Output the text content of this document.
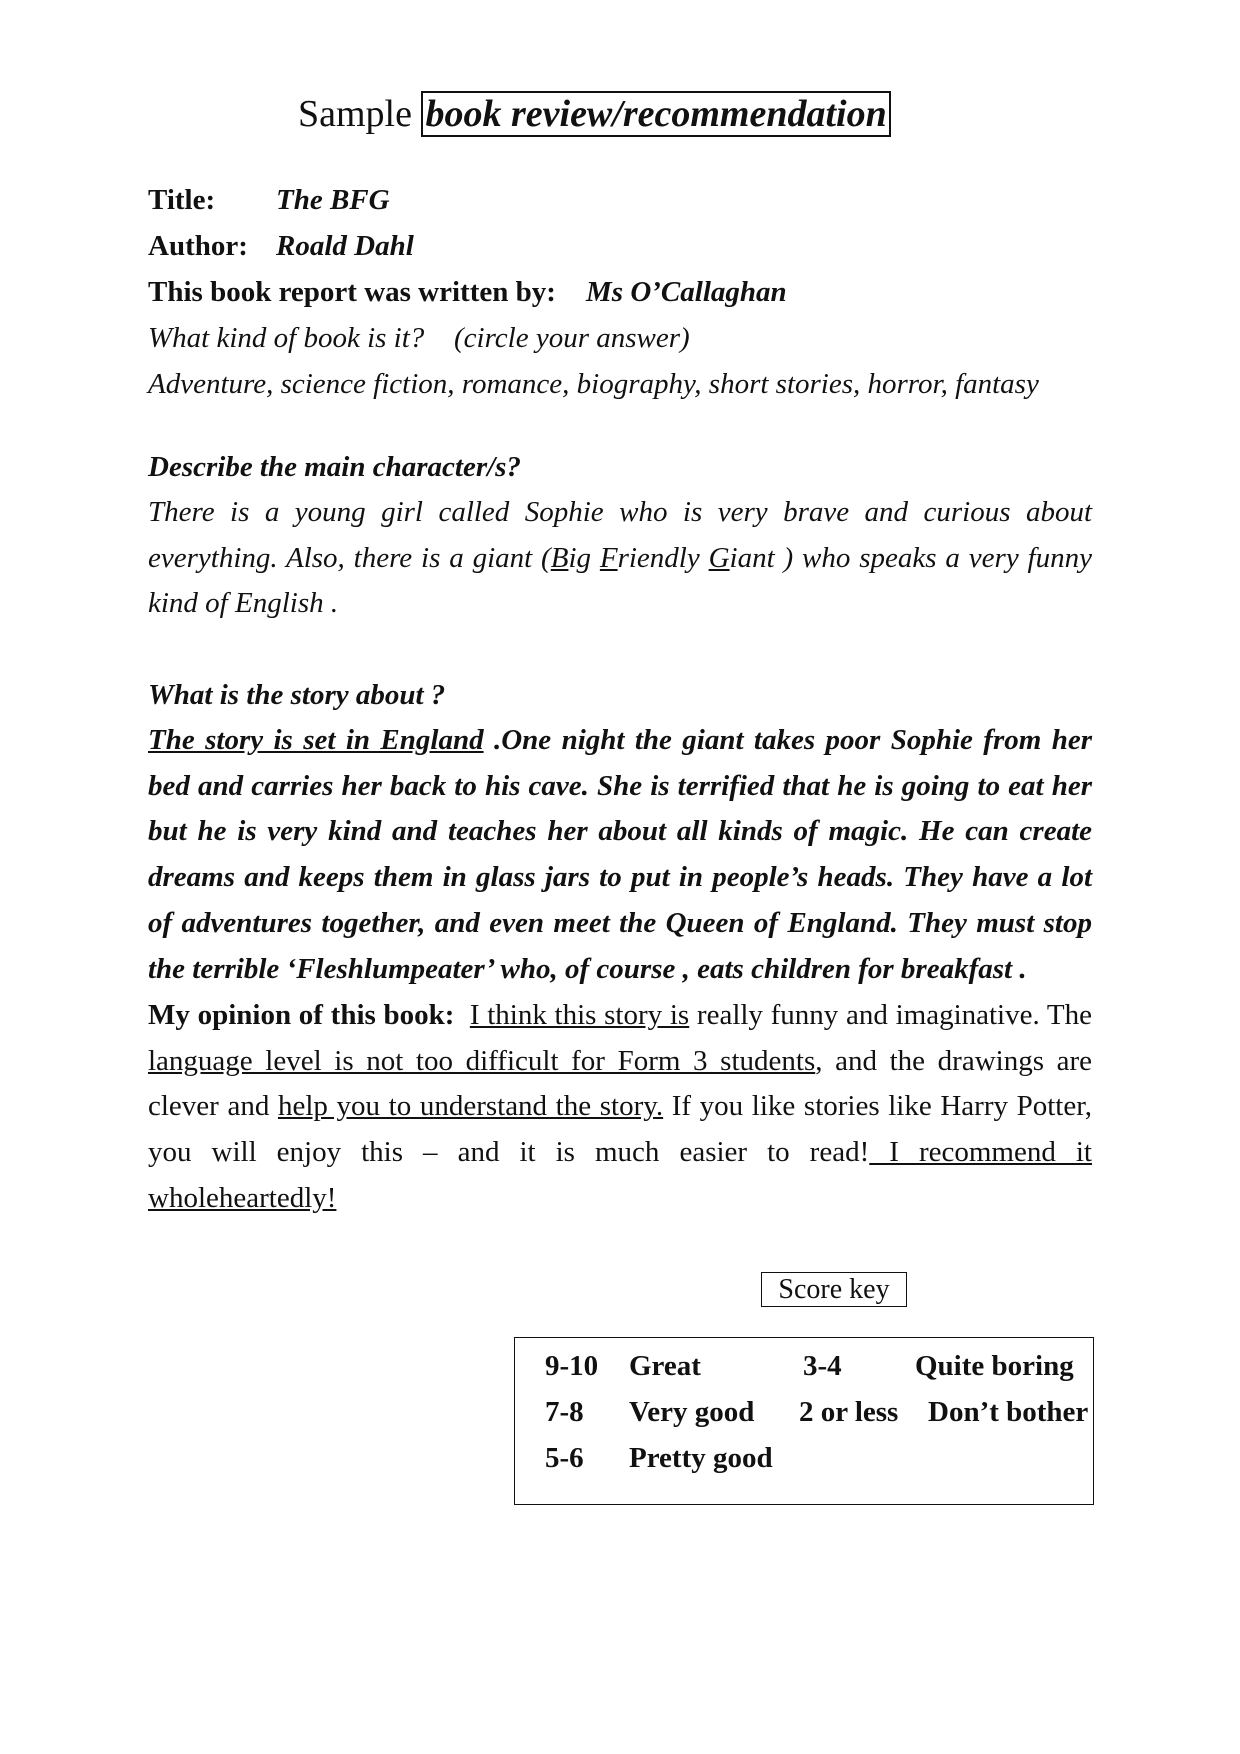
Sample book review/recommendation
Title: The BFG
Author: Roald Dahl
This book report was written by: Ms O’Callaghan
What kind of book is it? (circle your answer)
Adventure, science fiction, romance, biography, short stories, horror, fantasy
Describe the main character/s?
There is a young girl called Sophie who is very brave and curious about everything. Also, there is a giant (Big Friendly Giant ) who speaks a very funny kind of English .
What is the story about ?
The story is set in England .One night the giant takes poor Sophie from her bed and carries her back to his cave. She is terrified that he is going to eat her but he is very kind and teaches her about all kinds of magic. He can create dreams and keeps them in glass jars to put in people’s heads. They have a lot of adventures together, and even meet the Queen of England. They must stop the terrible ‘Fleshlumpeater’ who, of course , eats children for breakfast .
My opinion of this book: I think this story is really funny and imaginative. The language level is not too difficult for Form 3 students, and the drawings are clever and help you to understand the story. If you like stories like Harry Potter, you will enjoy this – and it is much easier to read! I recommend it wholeheartedly!
Score key
9-10 Great
7-8 Very good
5-6 Pretty good
3-4	Quite boring
2 or less Don’t bother
